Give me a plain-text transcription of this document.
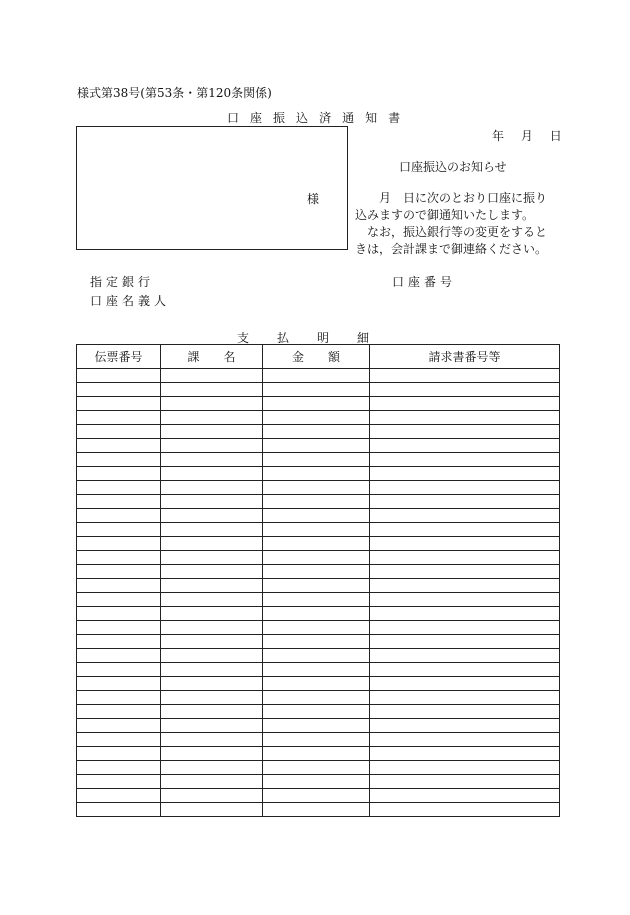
様式第38号(第53条・第120条関係)
口座振込済通知書
年 月 日
様
口座振込のお知らせ
　　月　日に次のとおり口座に振り
込みますので御通知いたします。
　なお，振込銀行等の変更をすると
きは，会計課まで御連絡ください。
指定銀行	口座番号
口座名義人
支 払 明 細
伝票番号	課　　名	金　　額	請求書番号等
